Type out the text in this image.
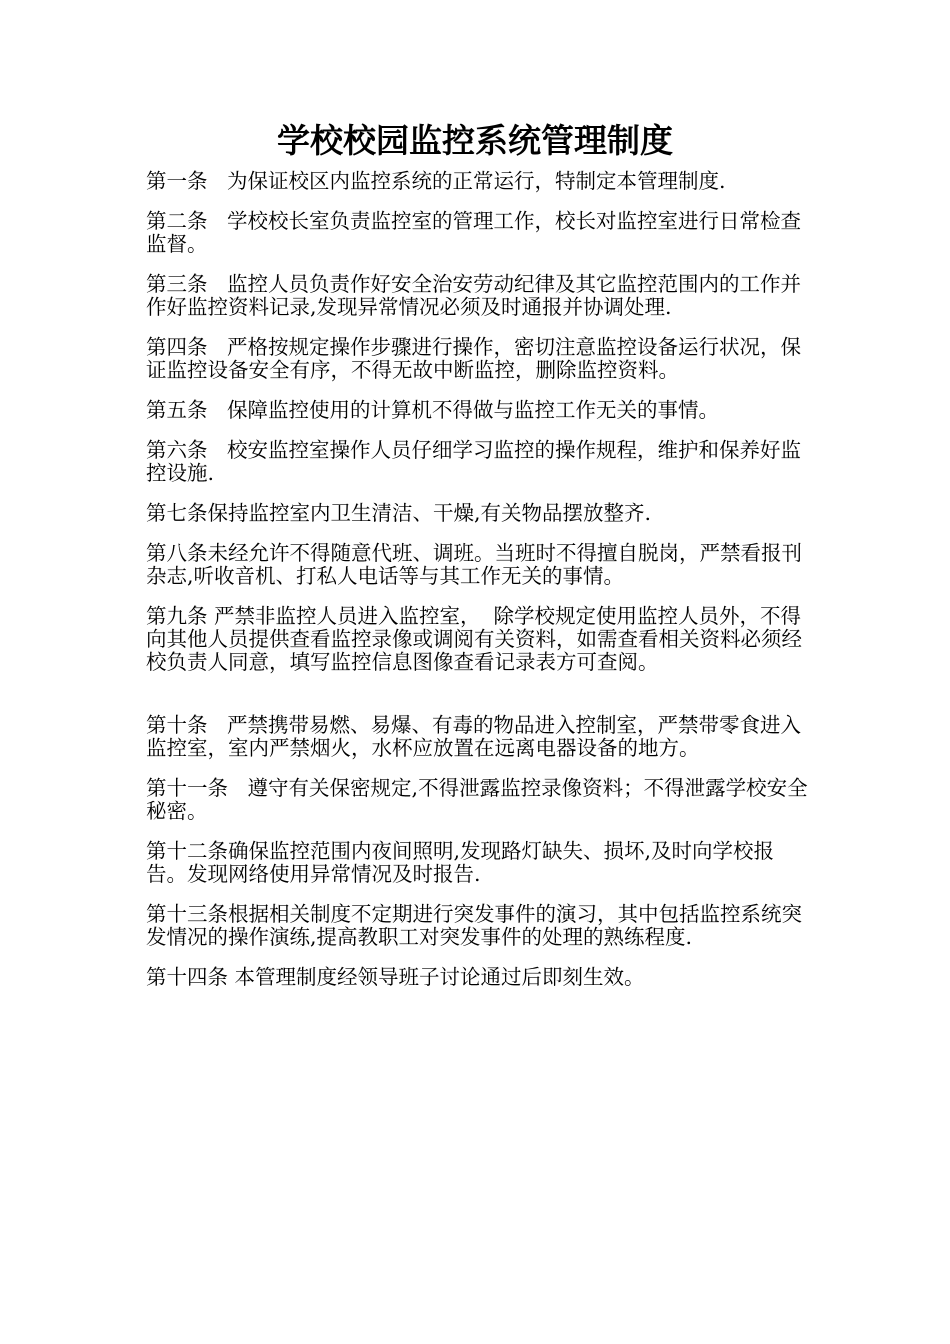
学校校园监控系统管理制度

第一条   为保证校区内监控系统的正常运行，特制定本管理制度.

第二条   学校校长室负责监控室的管理工作，校长对监控室进行日常检查监督。

第三条   监控人员负责作好安全治安劳动纪律及其它监控范围内的工作并作好监控资料记录,发现异常情况必须及时通报并协调处理.

第四条   严格按规定操作步骤进行操作，密切注意监控设备运行状况，保证监控设备安全有序，不得无故中断监控，删除监控资料。

第五条   保障监控使用的计算机不得做与监控工作无关的事情。

第六条   校安监控室操作人员仔细学习监控的操作规程，维护和保养好监控设施.

第七条保持监控室内卫生清洁、干燥,有关物品摆放整齐.

第八条未经允许不得随意代班、调班。当班时不得擅自脱岗，严禁看报刊杂志,听收音机、打私人电话等与其工作无关的事情。

第九条 严禁非监控人员进入监控室，  除学校规定使用监控人员外，不得向其他人员提供查看监控录像或调阅有关资料，如需查看相关资料必须经校负责人同意，填写监控信息图像查看记录表方可查阅。

第十条   严禁携带易燃、易爆、有毒的物品进入控制室，严禁带零食进入监控室，室内严禁烟火，水杯应放置在远离电器设备的地方。

第十一条   遵守有关保密规定,不得泄露监控录像资料；不得泄露学校安全秘密。

第十二条确保监控范围内夜间照明,发现路灯缺失、损坏,及时向学校报告。发现网络使用异常情况及时报告.

第十三条根据相关制度不定期进行突发事件的演习，其中包括监控系统突发情况的操作演练,提高教职工对突发事件的处理的熟练程度.

第十四条 本管理制度经领导班子讨论通过后即刻生效。
